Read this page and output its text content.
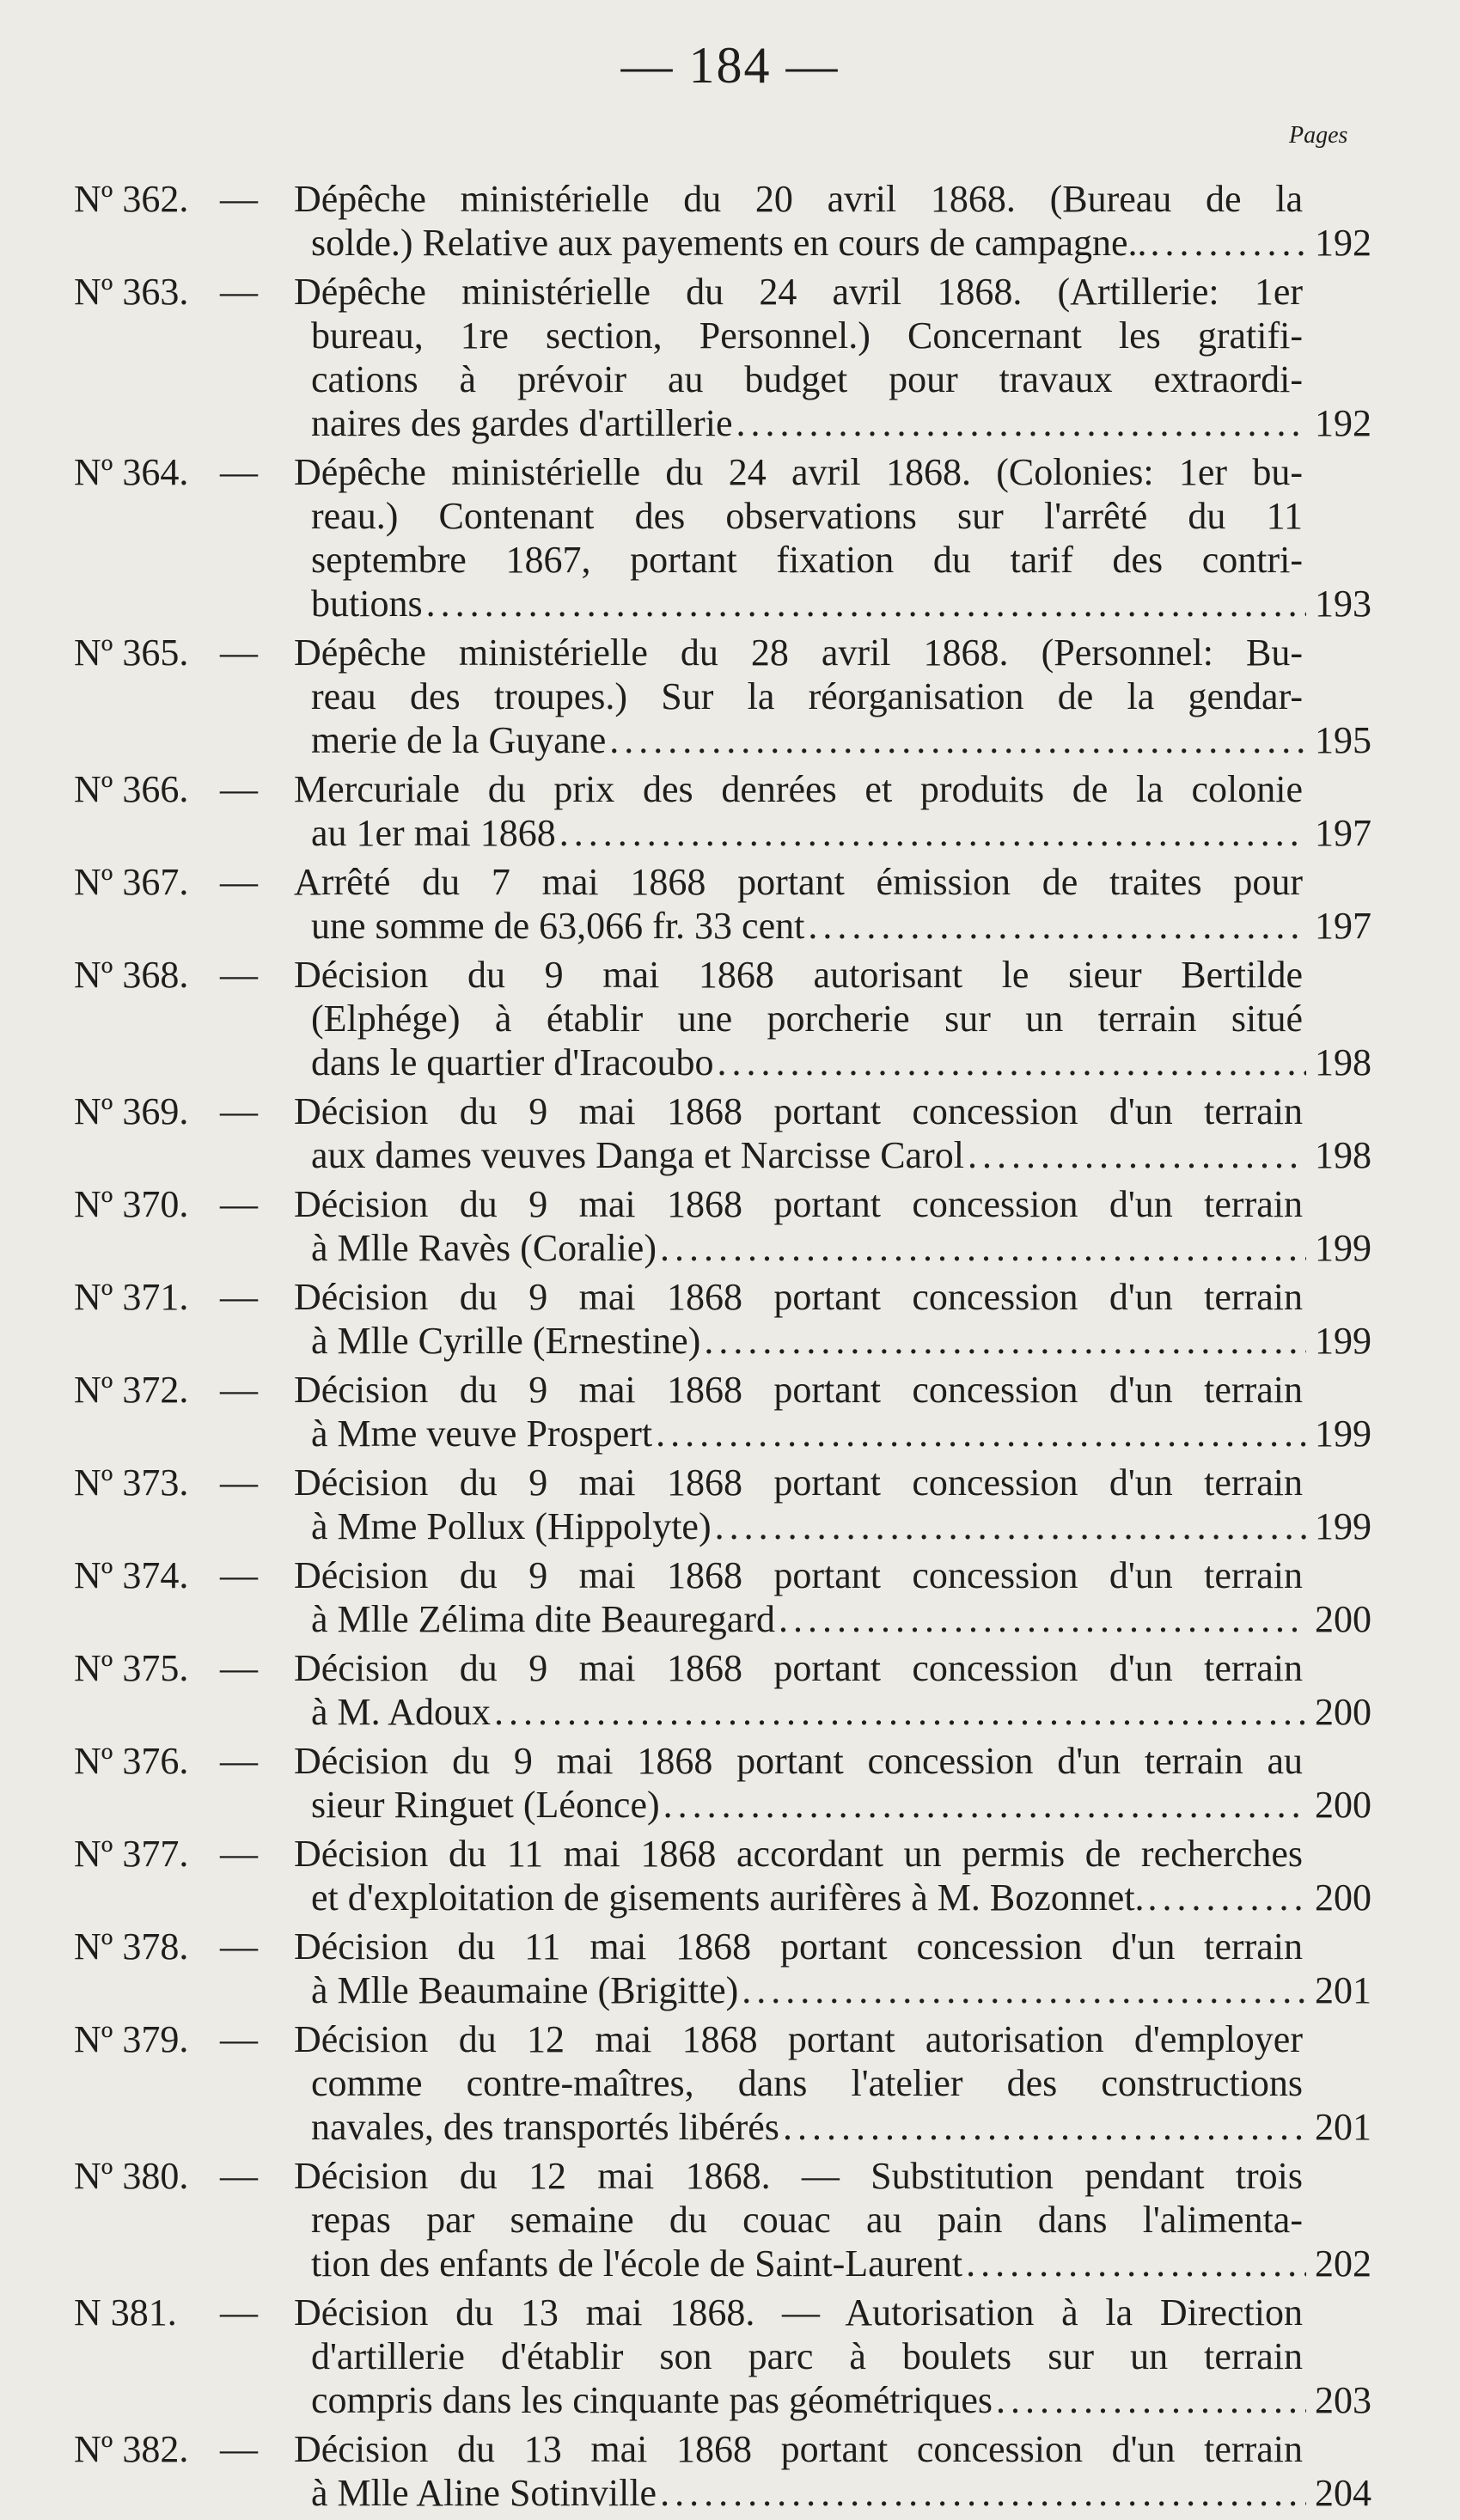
— 184 —
Pages
Nº 362. — Dépêche ministérielle du 20 avril 1868. (Bureau de la
solde.) Relative aux payements en cours de campagne.. .....	192
Nº 363. — Dépêche ministérielle du 24 avril 1868. (Artillerie: 1er
bureau, 1re section, Personnel.) Concernant les gratifi-
cations à prévoir au budget pour travaux extraordi-
naires des gardes d'artillerie .....	192
Nº 364. — Dépêche ministérielle du 24 avril 1868. (Colonies: 1er bu-
reau.) Contenant des observations sur l'arrêté du 11
septembre 1867, portant fixation du tarif des contri-
butions .....	193
Nº 365. — Dépêche ministérielle du 28 avril 1868. (Personnel: Bu-
reau des troupes.) Sur la réorganisation de la gendar-
merie de la Guyane .....	195
Nº 366. — Mercuriale du prix des denrées et produits de la colonie
au 1er mai 1868 .....	197
Nº 367. — Arrêté du 7 mai 1868 portant émission de traites pour
une somme de 63,066 fr. 33 cent .....	197
Nº 368. — Décision du 9 mai 1868 autorisant le sieur Bertilde
(Elphége) à établir une porcherie sur un terrain situé
dans le quartier d'Iracoubo .....	198
Nº 369. — Décision du 9 mai 1868 portant concession d'un terrain
aux dames veuves Danga et Narcisse Carol .....	198
Nº 370. — Décision du 9 mai 1868 portant concession d'un terrain
à Mlle Ravès (Coralie) .....	199
Nº 371. — Décision du 9 mai 1868 portant concession d'un terrain
à Mlle Cyrille (Ernestine) .....	199
Nº 372. — Décision du 9 mai 1868 portant concession d'un terrain
à Mme veuve Prospert .....	199
Nº 373. — Décision du 9 mai 1868 portant concession d'un terrain
à Mme Pollux (Hippolyte) .....	199
Nº 374. — Décision du 9 mai 1868 portant concession d'un terrain
à Mlle Zélima dite Beauregard .....	200
Nº 375. — Décision du 9 mai 1868 portant concession d'un terrain
à M. Adoux .....	200
Nº 376. — Décision du 9 mai 1868 portant concession d'un terrain au
sieur Ringuet (Léonce) .....	200
Nº 377. — Décision du 11 mai 1868 accordant un permis de recherches
et d'exploitation de gisements aurifères à M. Bozonnet. .....	200
Nº 378. — Décision du 11 mai 1868 portant concession d'un terrain
à Mlle Beaumaine (Brigitte) .....	201
Nº 379. — Décision du 12 mai 1868 portant autorisation d'employer
comme contre-maîtres, dans l'atelier des constructions
navales, des transportés libérés .....	201
Nº 380. — Décision du 12 mai 1868. — Substitution pendant trois
repas par semaine du couac au pain dans l'alimenta-
tion des enfants de l'école de Saint-Laurent .....	202
N 381.	— Décision du 13 mai 1868. — Autorisation à la Direction
d'artillerie d'établir son parc à boulets sur un terrain
compris dans les cinquante pas géométriques .....	203
Nº 382. — Décision du 13 mai 1868 portant concession d'un terrain
à Mlle Aline Sotinville .....	204
